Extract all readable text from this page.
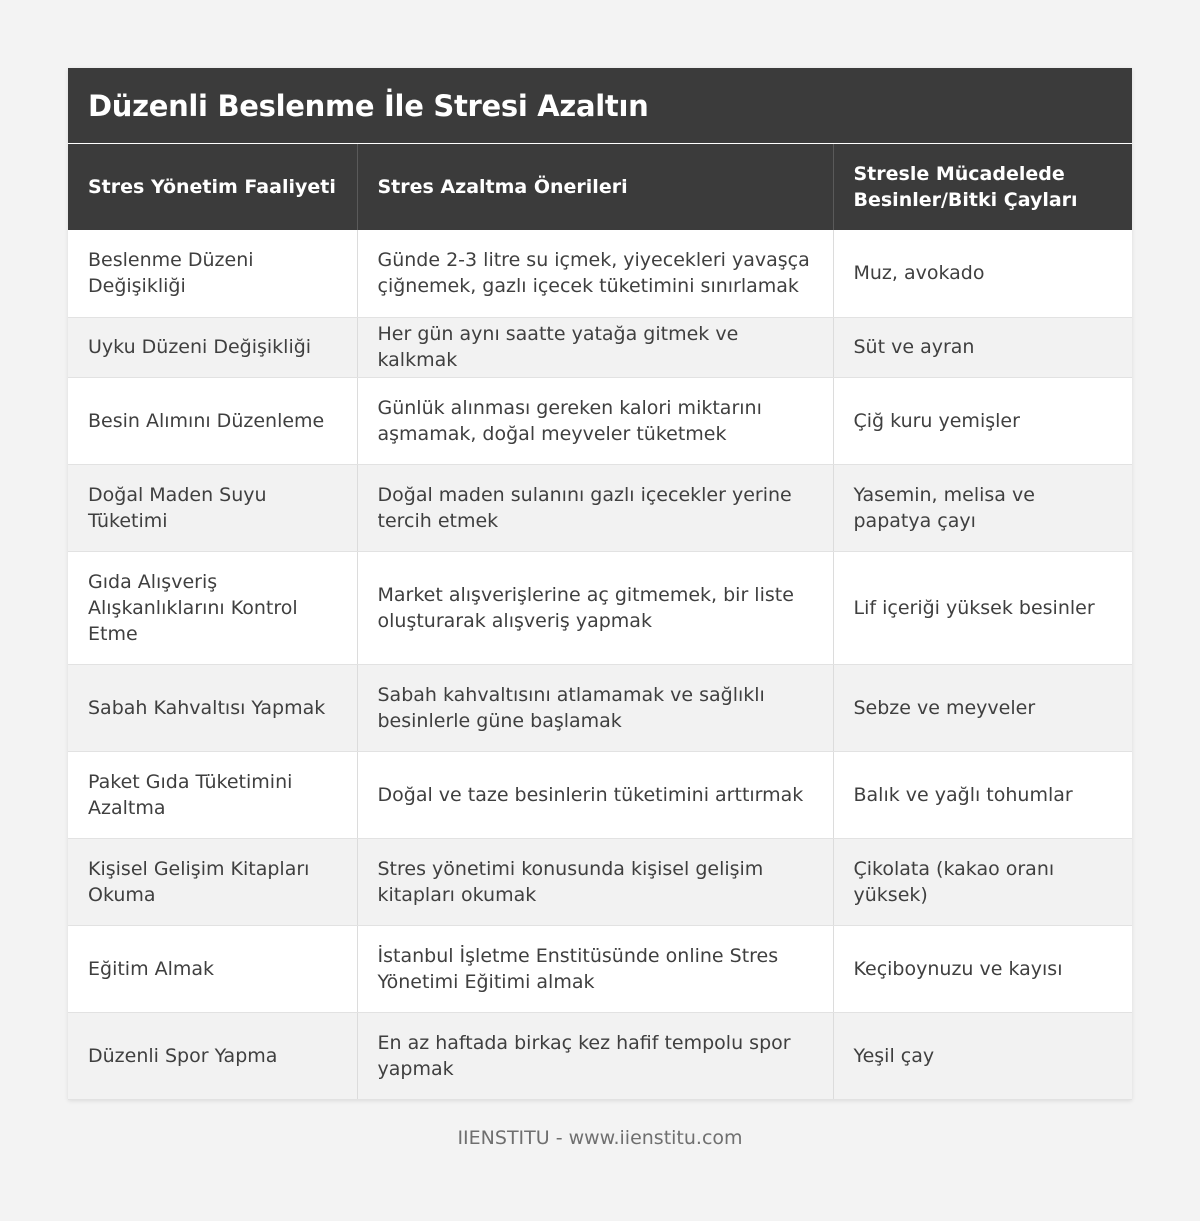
Düzenli Beslenme İle Stresi Azaltın
Stres Yönetim Faaliyeti	Stres Azaltma Önerileri	Stresle Mücadelede Besinler/Bitki Çayları
Beslenme Düzeni Değişikliği	Günde 2-3 litre su içmek, yiyecekleri yavaşça çiğnemek, gazlı içecek tüketimini sınırlamak	Muz, avokado
Uyku Düzeni Değişikliği	Her gün aynı saatte yatağa gitmek ve kalkmak	Süt ve ayran
Besin Alımını Düzenleme	Günlük alınması gereken kalori miktarını aşmamak, doğal meyveler tüketmek	Çiğ kuru yemişler
Doğal Maden Suyu Tüketimi	Doğal maden sulanını gazlı içecekler yerine tercih etmek	Yasemin, melisa ve papatya çayı
Gıda Alışveriş Alışkanlıklarını Kontrol Etme	Market alışverişlerine aç gitmemek, bir liste oluşturarak alışveriş yapmak	Lif içeriği yüksek besinler
Sabah Kahvaltısı Yapmak	Sabah kahvaltısını atlamamak ve sağlıklı besinlerle güne başlamak	Sebze ve meyveler
Paket Gıda Tüketimini Azaltma	Doğal ve taze besinlerin tüketimini arttırmak	Balık ve yağlı tohumlar
Kişisel Gelişim Kitapları Okuma	Stres yönetimi konusunda kişisel gelişim kitapları okumak	Çikolata (kakao oranı yüksek)
Eğitim Almak	İstanbul İşletme Enstitüsünde online Stres Yönetimi Eğitimi almak	Keçiboynuzu ve kayısı
Düzenli Spor Yapma	En az haftada birkaç kez hafif tempolu spor yapmak	Yeşil çay
IIENSTITU - www.iienstitu.com
